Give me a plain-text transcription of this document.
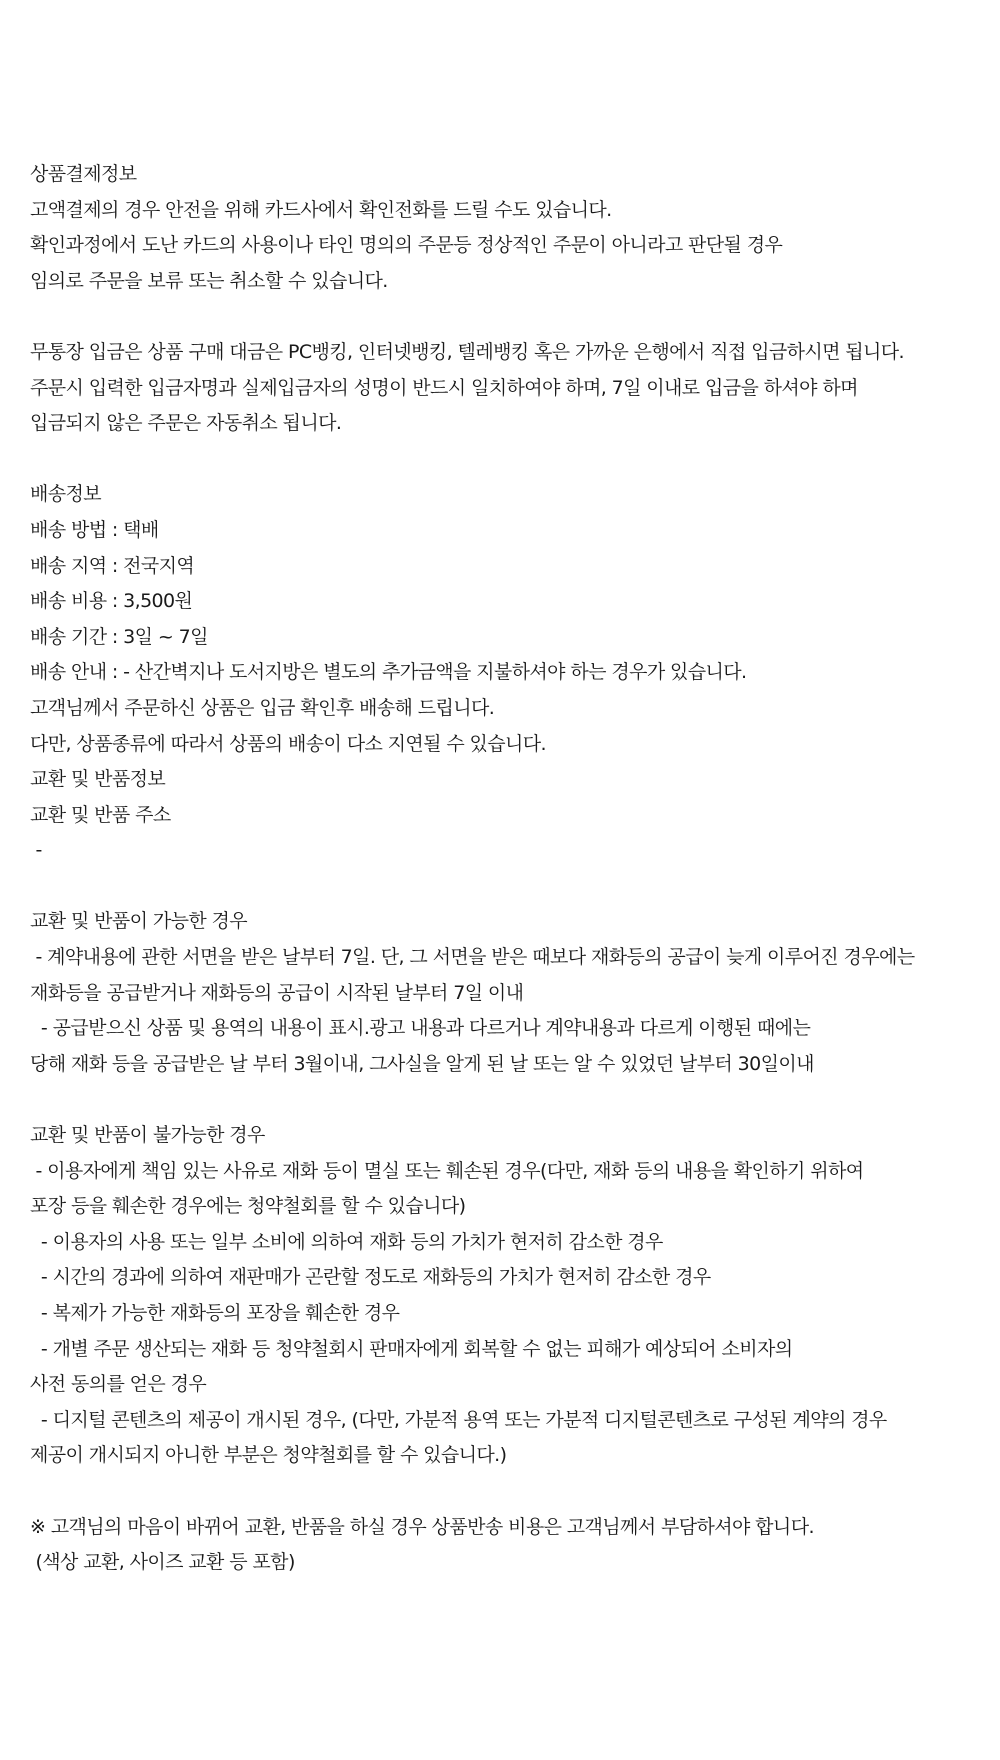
상품결제정보
고액결제의 경우 안전을 위해 카드사에서 확인전화를 드릴 수도 있습니다.
확인과정에서 도난 카드의 사용이나 타인 명의의 주문등 정상적인 주문이 아니라고 판단될 경우
임의로 주문을 보류 또는 취소할 수 있습니다.
무통장 입금은 상품 구매 대금은 PC뱅킹, 인터넷뱅킹, 텔레뱅킹 혹은 가까운 은행에서 직접 입금하시면 됩니다.
주문시 입력한 입금자명과 실제입금자의 성명이 반드시 일치하여야 하며, 7일 이내로 입금을 하셔야 하며
입금되지 않은 주문은 자동취소 됩니다.
배송정보
배송 방법 : 택배
배송 지역 : 전국지역
배송 비용 : 3,500원
배송 기간 : 3일 ~ 7일
배송 안내 : - 산간벽지나 도서지방은 별도의 추가금액을 지불하셔야 하는 경우가 있습니다.
고객님께서 주문하신 상품은 입금 확인후 배송해 드립니다.
다만, 상품종류에 따라서 상품의 배송이 다소 지연될 수 있습니다.
교환 및 반품정보
교환 및 반품 주소
-
교환 및 반품이 가능한 경우
- 계약내용에 관한 서면을 받은 날부터 7일. 단, 그 서면을 받은 때보다 재화등의 공급이 늦게 이루어진 경우에는
재화등을 공급받거나 재화등의 공급이 시작된 날부터 7일 이내
- 공급받으신 상품 및 용역의 내용이 표시.광고 내용과 다르거나 계약내용과 다르게 이행된 때에는
당해 재화 등을 공급받은 날 부터 3월이내, 그사실을 알게 된 날 또는 알 수 있었던 날부터 30일이내
교환 및 반품이 불가능한 경우
- 이용자에게 책임 있는 사유로 재화 등이 멸실 또는 훼손된 경우(다만, 재화 등의 내용을 확인하기 위하여
포장 등을 훼손한 경우에는 청약철회를 할 수 있습니다)
- 이용자의 사용 또는 일부 소비에 의하여 재화 등의 가치가 현저히 감소한 경우
- 시간의 경과에 의하여 재판매가 곤란할 정도로 재화등의 가치가 현저히 감소한 경우
- 복제가 가능한 재화등의 포장을 훼손한 경우
- 개별 주문 생산되는 재화 등 청약철회시 판매자에게 회복할 수 없는 피해가 예상되어 소비자의
사전 동의를 얻은 경우
- 디지털 콘텐츠의 제공이 개시된 경우, (다만, 가분적 용역 또는 가분적 디지털콘텐츠로 구성된 계약의 경우
제공이 개시되지 아니한 부분은 청약철회를 할 수 있습니다.)
※ 고객님의 마음이 바뀌어 교환, 반품을 하실 경우 상품반송 비용은 고객님께서 부담하셔야 합니다.
(색상 교환, 사이즈 교환 등 포함)
